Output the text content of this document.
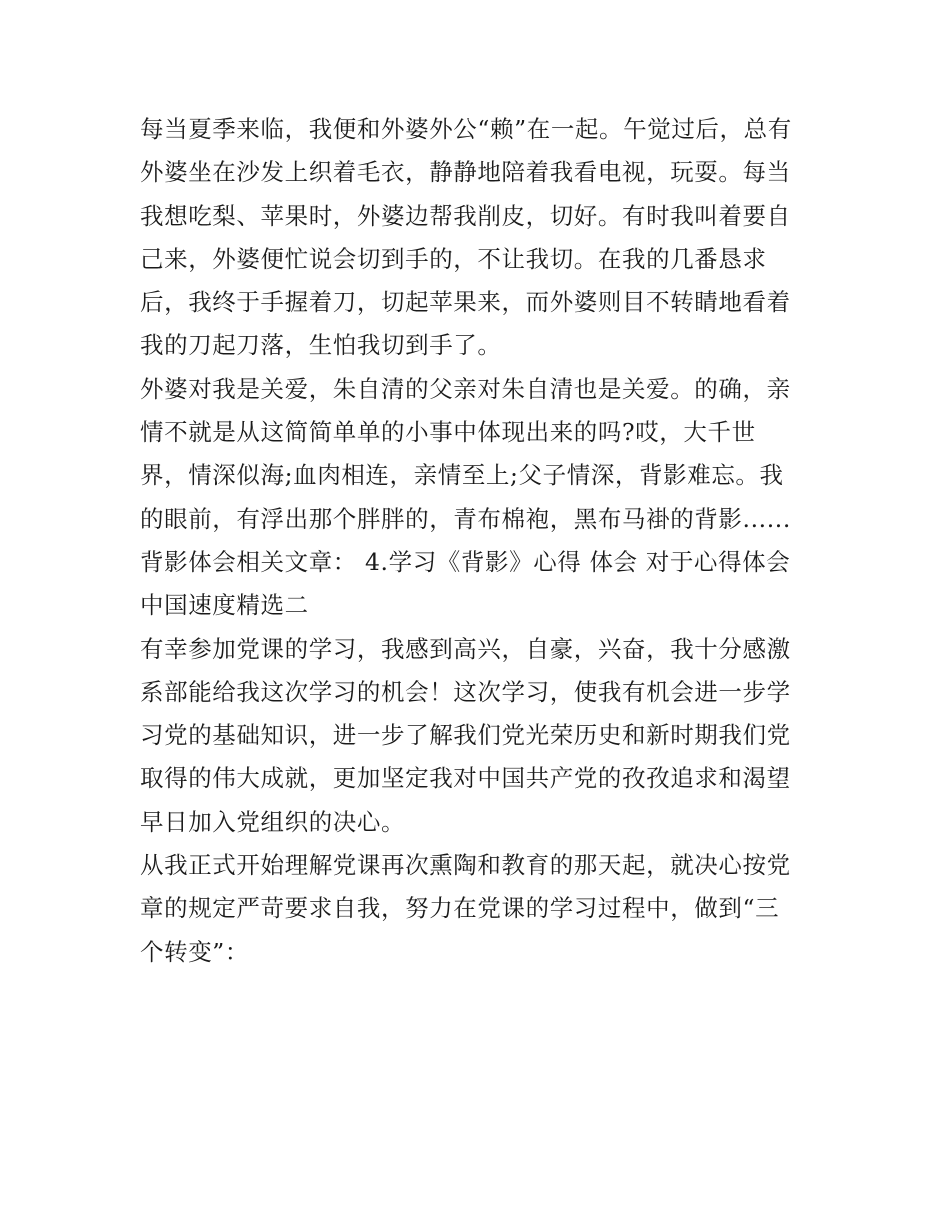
每当夏季来临，我便和外婆外公“赖”在一起。午觉过后，总有
外婆坐在沙发上织着毛衣，静静地陪着我看电视，玩耍。每当
我想吃梨、苹果时，外婆边帮我削皮，切好。有时我叫着要自
己来，外婆便忙说会切到手的，不让我切。在我的几番恳求
后，我终于手握着刀，切起苹果来，而外婆则目不转睛地看着
我的刀起刀落，生怕我切到手了。
外婆对我是关爱，朱自清的父亲对朱自清也是关爱。的确，亲
情不就是从这简简单单的小事中体现出来的吗?哎，大千世
界，情深似海;血肉相连，亲情至上;父子情深，背影难忘。我
的眼前，有浮出那个胖胖的，青布棉袍，黑布马褂的背影......
背影体会相关文章： 4.学习《背影》心得 体会 对于心得体会
中国速度精选二
有幸参加党课的学习，我感到高兴，自豪，兴奋，我十分感激
系部能给我这次学习的机会！这次学习，使我有机会进一步学
习党的基础知识，进一步了解我们党光荣历史和新时期我们党
取得的伟大成就，更加坚定我对中国共产党的孜孜追求和渴望
早日加入党组织的决心。
从我正式开始理解党课再次熏陶和教育的那天起，就决心按党
章的规定严苛要求自我，努力在党课的学习过程中，做到“三
个转变”：
